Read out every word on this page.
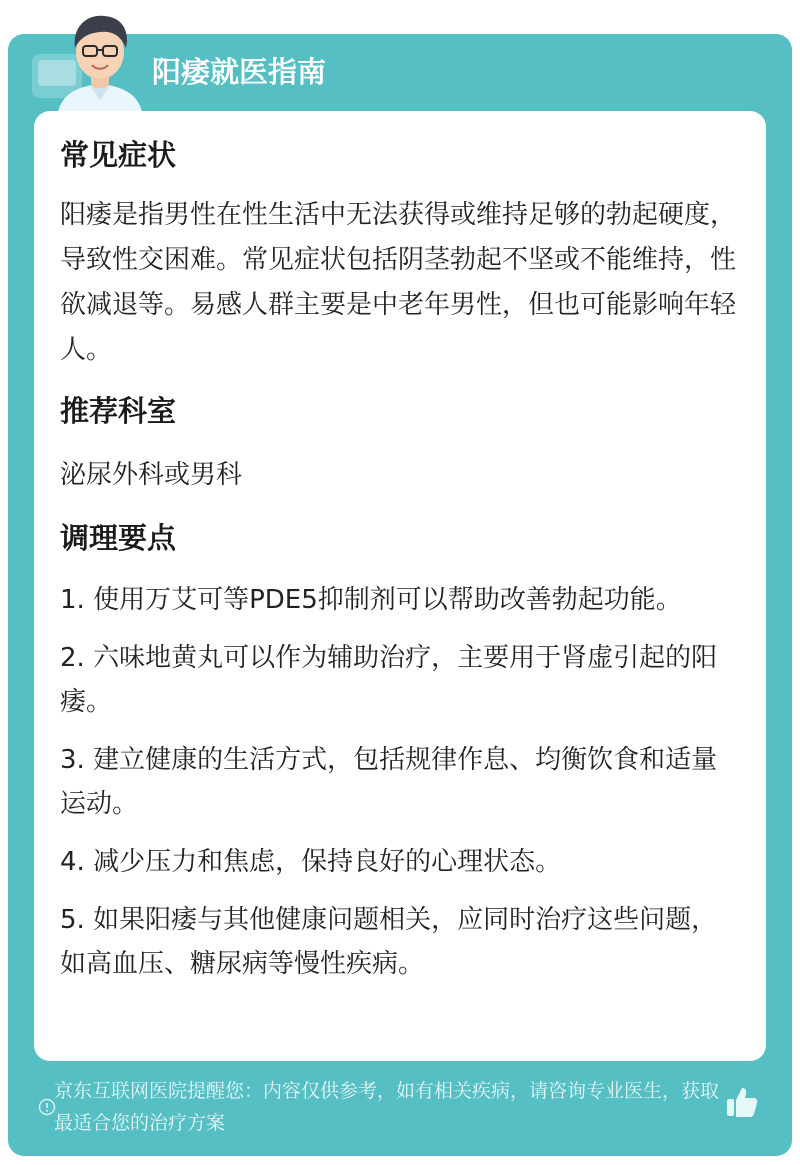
阳痿就医指南
常见症状

阳痿是指男性在性生活中无法获得或维持足够的勃起硬度，导致性交困难。常见症状包括阴茎勃起不坚或不能维持，性欲减退等。易感人群主要是中老年男性，但也可能影响年轻人。

推荐科室

泌尿外科或男科

调理要点

1. 使用万艾可等PDE5抑制剂可以帮助改善勃起功能。

2. 六味地黄丸可以作为辅助治疗，主要用于肾虚引起的阳痿。

3. 建立健康的生活方式，包括规律作息、均衡饮食和适量运动。

4. 减少压力和焦虑，保持良好的心理状态。

5. 如果阳痿与其他健康问题相关，应同时治疗这些问题，如高血压、糖尿病等慢性疾病。

京东互联网医院提醒您：内容仅供参考，如有相关疾病，请咨询专业医生，获取最适合您的治疗方案
